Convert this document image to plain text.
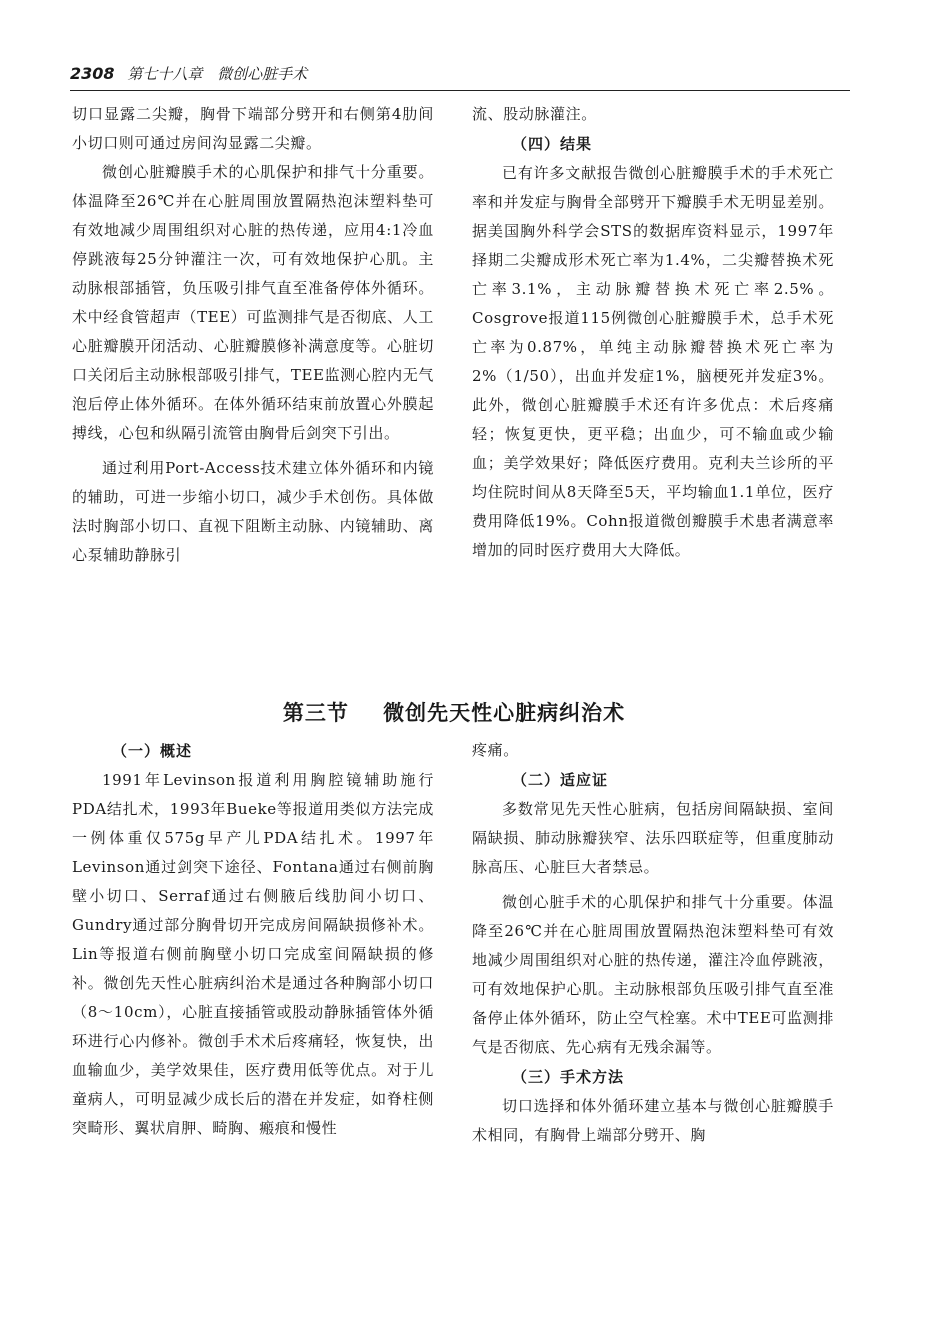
2308 第七十八章 微创心脏手术

切口显露二尖瓣，胸骨下端部分劈开和右侧第4肋间小切口则可通过房间沟显露二尖瓣。

微创心脏瓣膜手术的心肌保护和排气十分重要。体温降至26℃并在心脏周围放置隔热泡沫塑料垫可有效地减少周围组织对心脏的热传递，应用4:1冷血停跳液每25分钟灌注一次，可有效地保护心肌。主动脉根部插管，负压吸引排气直至准备停体外循环。术中经食管超声（TEE）可监测排气是否彻底、人工心脏瓣膜开闭活动、心脏瓣膜修补满意度等。心脏切口关闭后主动脉根部吸引排气，TEE监测心腔内无气泡后停止体外循环。在体外循环结束前放置心外膜起搏线，心包和纵隔引流管由胸骨后剑突下引出。

通过利用Port-Access技术建立体外循环和内镜的辅助，可进一步缩小切口，减少手术创伤。具体做法时胸部小切口、直视下阻断主动脉、内镜辅助、离心泵辅助静脉引

流、股动脉灌注。

（四）结果

已有许多文献报告微创心脏瓣膜手术的手术死亡率和并发症与胸骨全部劈开下瓣膜手术无明显差别。据美国胸外科学会STS的数据库资料显示，1997年择期二尖瓣成形术死亡率为1.4%，二尖瓣替换术死亡率3.1%，主动脉瓣替换术死亡率2.5%。Cosgrove报道115例微创心脏瓣膜手术，总手术死亡率为0.87%，单纯主动脉瓣替换术死亡率为2%（1/50），出血并发症1%，脑梗死并发症3%。此外，微创心脏瓣膜手术还有许多优点：术后疼痛轻；恢复更快，更平稳；出血少，可不输血或少输血；美学效果好；降低医疗费用。克利夫兰诊所的平均住院时间从8天降至5天，平均输血1.1单位，医疗费用降低19%。Cohn报道微创瓣膜手术患者满意率增加的同时医疗费用大大降低。

第三节 微创先天性心脏病纠治术
（一）概述

1991年Levinson报道利用胸腔镜辅助施行PDA结扎术，1993年Bueke等报道用类似方法完成一例体重仅575g早产儿PDA结扎术。1997年Levinson通过剑突下途径、Fontana通过右侧前胸壁小切口、Serraf通过右侧腋后线肋间小切口、Gundry通过部分胸骨切开完成房间隔缺损修补术。Lin等报道右侧前胸壁小切口完成室间隔缺损的修补。微创先天性心脏病纠治术是通过各种胸部小切口（8～10cm），心脏直接插管或股动静脉插管体外循环进行心内修补。微创手术术后疼痛轻，恢复快，出血输血少，美学效果佳，医疗费用低等优点。对于儿童病人，可明显减少成长后的潜在并发症，如脊柱侧突畸形、翼状肩胛、畸胸、瘢痕和慢性

疼痛。

（二）适应证

多数常见先天性心脏病，包括房间隔缺损、室间隔缺损、肺动脉瓣狭窄、法乐四联症等，但重度肺动脉高压、心脏巨大者禁忌。

微创心脏手术的心肌保护和排气十分重要。体温降至26℃并在心脏周围放置隔热泡沫塑料垫可有效地减少周围组织对心脏的热传递，灌注冷血停跳液，可有效地保护心肌。主动脉根部负压吸引排气直至准备停止体外循环，防止空气栓塞。术中TEE可监测排气是否彻底、先心病有无残余漏等。

（三）手术方法

切口选择和体外循环建立基本与微创心脏瓣膜手术相同，有胸骨上端部分劈开、胸
